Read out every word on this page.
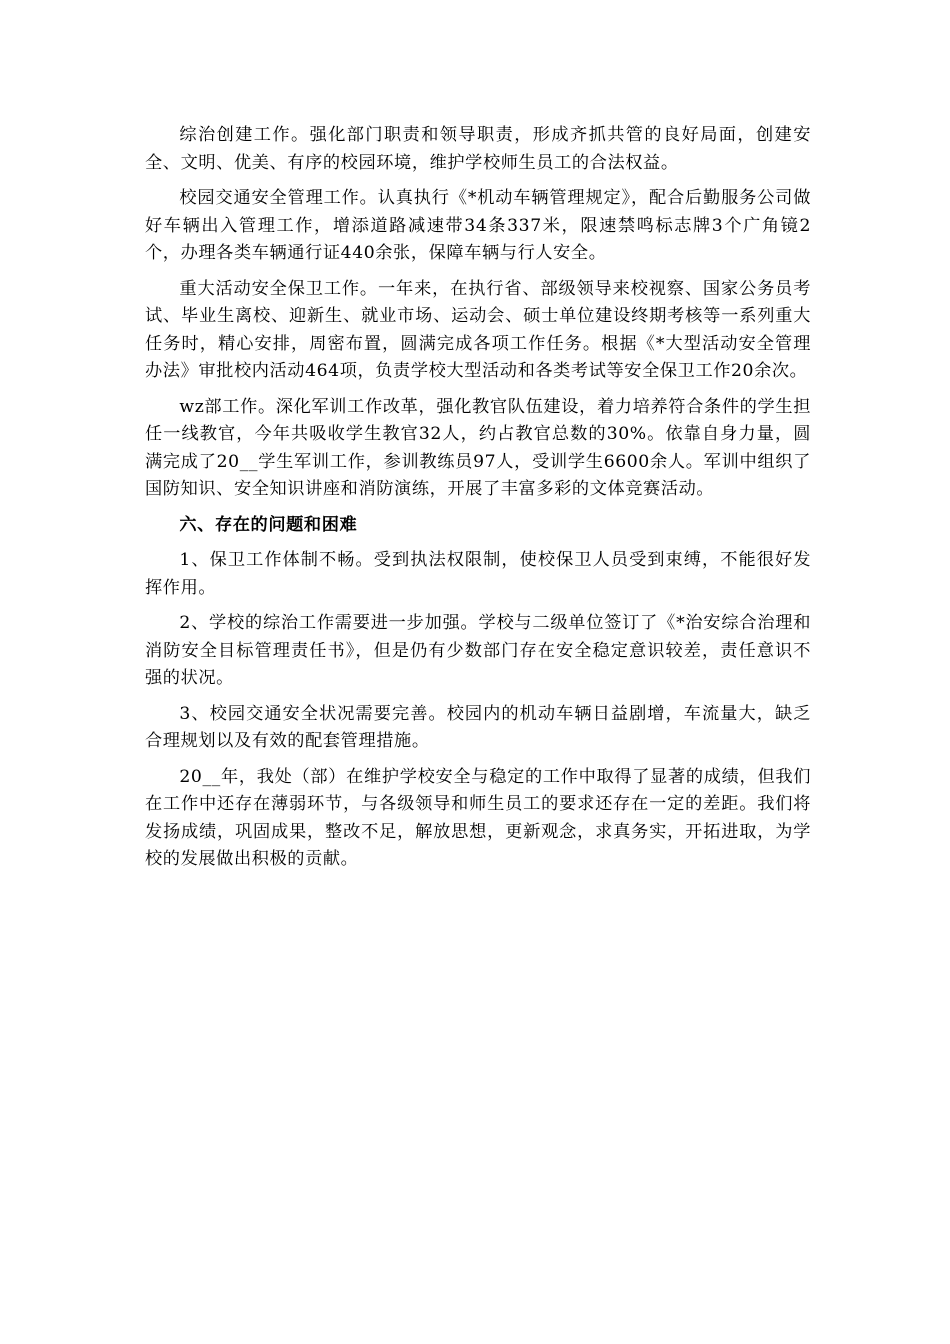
综治创建工作。强化部门职责和领导职责，形成齐抓共管的良好局面，创建安全、文明、优美、有序的校园环境，维护学校师生员工的合法权益。

校园交通安全管理工作。认真执行《*机动车辆管理规定》，配合后勤服务公司做好车辆出入管理工作，增添道路减速带34条337米，限速禁鸣标志牌3个广角镜2个，办理各类车辆通行证440余张，保障车辆与行人安全。

重大活动安全保卫工作。一年来，在执行省、部级领导来校视察、国家公务员考试、毕业生离校、迎新生、就业市场、运动会、硕士单位建设终期考核等一系列重大任务时，精心安排，周密布置，圆满完成各项工作任务。根据《*大型活动安全管理办法》审批校内活动464项，负责学校大型活动和各类考试等安全保卫工作20余次。

wz部工作。深化军训工作改革，强化教官队伍建设，着力培养符合条件的学生担任一线教官，今年共吸收学生教官32人，约占教官总数的30%。依靠自身力量，圆满完成了20__学生军训工作，参训教练员97人，受训学生6600余人。军训中组织了国防知识、安全知识讲座和消防演练，开展了丰富多彩的文体竞赛活动。

六、存在的问题和困难

1、保卫工作体制不畅。受到执法权限制，使校保卫人员受到束缚，不能很好发挥作用。

2、学校的综治工作需要进一步加强。学校与二级单位签订了《*治安综合治理和消防安全目标管理责任书》，但是仍有少数部门存在安全稳定意识较差，责任意识不强的状况。

3、校园交通安全状况需要完善。校园内的机动车辆日益剧增，车流量大，缺乏合理规划以及有效的配套管理措施。

20__年，我处（部）在维护学校安全与稳定的工作中取得了显著的成绩，但我们在工作中还存在薄弱环节，与各级领导和师生员工的要求还存在一定的差距。我们将发扬成绩，巩固成果，整改不足，解放思想，更新观念，求真务实，开拓进取，为学校的发展做出积极的贡献。
